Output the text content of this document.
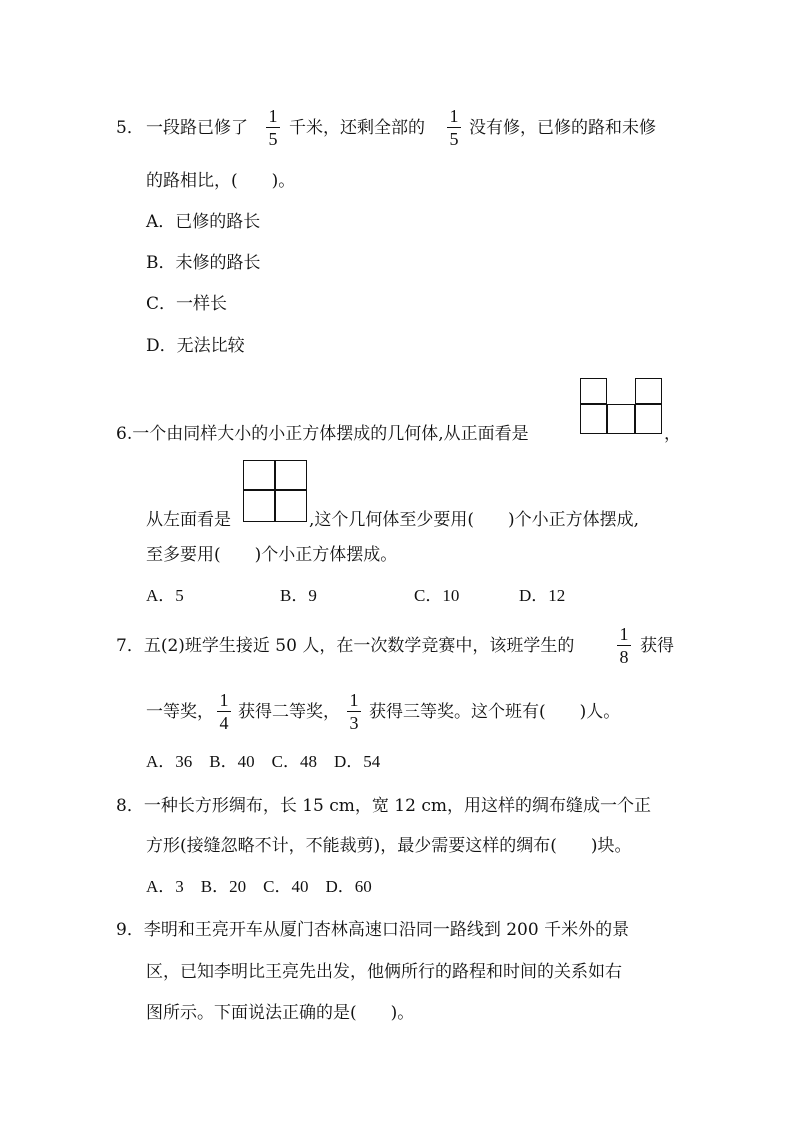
5． 一段路已修了
1
5
千米，还剩全部的
1
5
没有修，已修的路和未修
的路相比，(　　)。
A．已修的路长
B．未修的路长
C．一样长
D．无法比较
6.一个由同样大小的小正方体摆成的几何体,从正面看是	，
从左面看是	,这个几何体至少要用(　　)个小正方体摆成,
至多要用(　　)个小正方体摆成。
A．5	B．9	C．10	D．12
7．五(2)班学生接近 50 人，在一次数学竞赛中，该班学生的
1
8
获得
一等奖，
1
4
获得二等奖，
1
3
获得三等奖。这个班有(　　)人。
A．36　B．40　C．48　D．54
8．一种长方形绸布，长 15 cm，宽 12 cm，用这样的绸布缝成一个正
方形(接缝忽略不计，不能裁剪)，最少需要这样的绸布(　　)块。
A．3　B．20　C．40　D．60
9．李明和王亮开车从厦门杏林高速口沿同一路线到 200 千米外的景
区，已知李明比王亮先出发，他俩所行的路程和时间的关系如右
图所示。下面说法正确的是(　　)。
